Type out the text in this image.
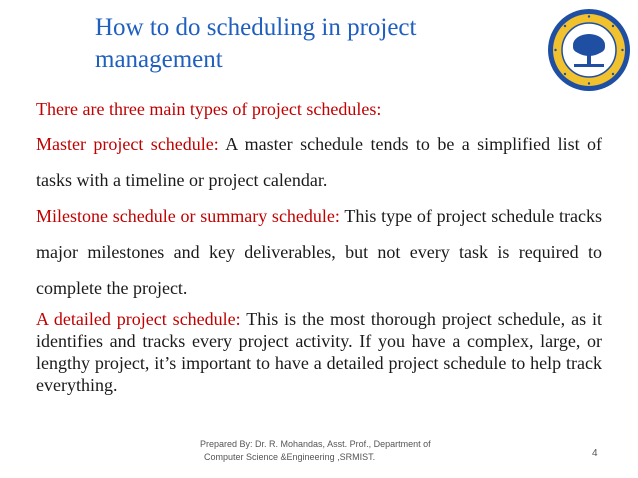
How to do scheduling in project management

There are three main types of project schedules:

Master project schedule: A master schedule tends to be a simplified list of tasks with a timeline or project calendar.

Milestone schedule or summary schedule: This type of project schedule tracks major milestones and key deliverables, but not every task is required to complete the project.

A detailed project schedule: This is the most thorough project schedule, as it identifies and tracks every project activity. If you have a complex, large, or lengthy project, it’s important to have a detailed project schedule to help track everything.

Prepared By: Dr. R. Mohandas, Asst. Prof., Department of
Computer Science &Engineering ,SRMIST.	4
